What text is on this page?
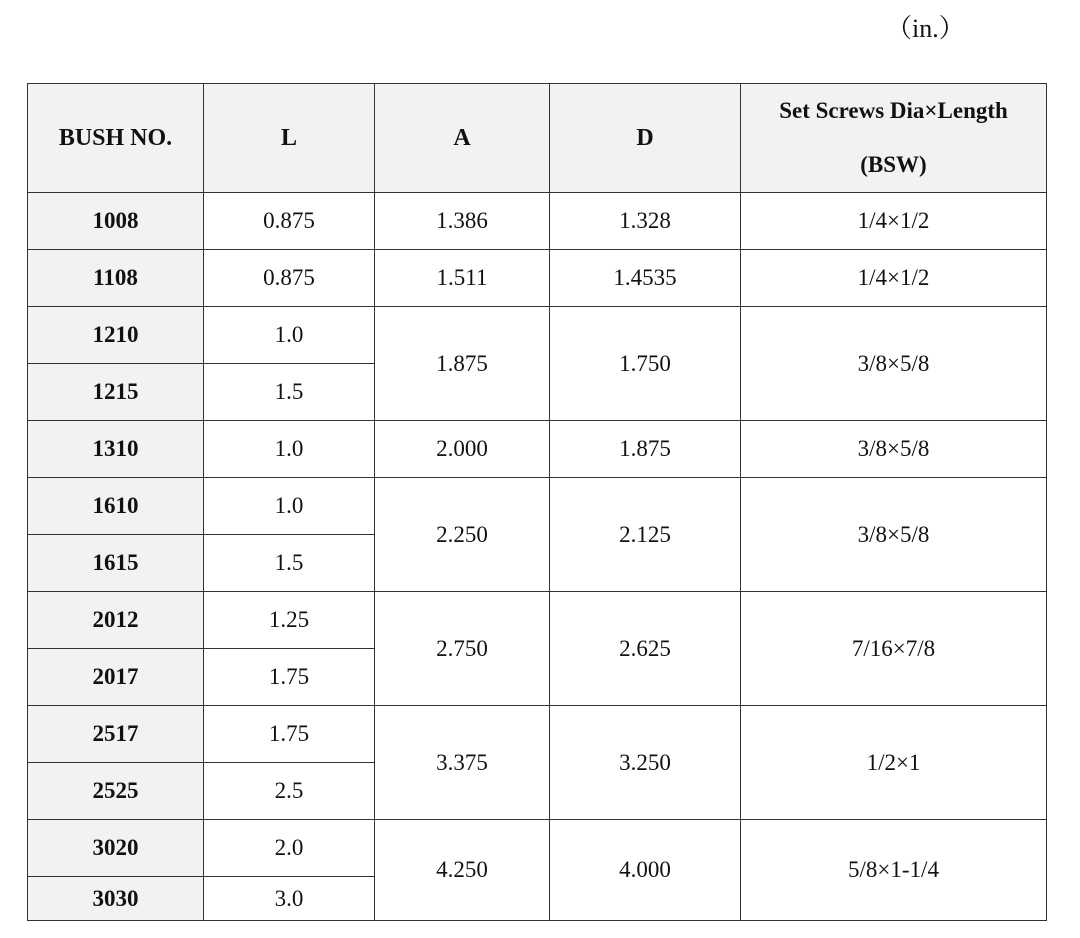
（in.）
BUSH NO.	L	A	D	Set Screws Dia×Length
(BSW)
1008	0.875	1.386	1.328	1/4×1/2
1108	0.875	1.511	1.4535	1/4×1/2
1210	1.0	1.875	1.750	3/8×5/8
1215	1.5			
1310	1.0	2.000	1.875	3/8×5/8
1610	1.0	2.250	2.125	3/8×5/8
1615	1.5			
2012	1.25	2.750	2.625	7/16×7/8
2017	1.75			
2517	1.75	3.375	3.250	1/2×1
2525	2.5			
3020	2.0	4.250	4.000	5/8×1-1/4
3030	3.0			
